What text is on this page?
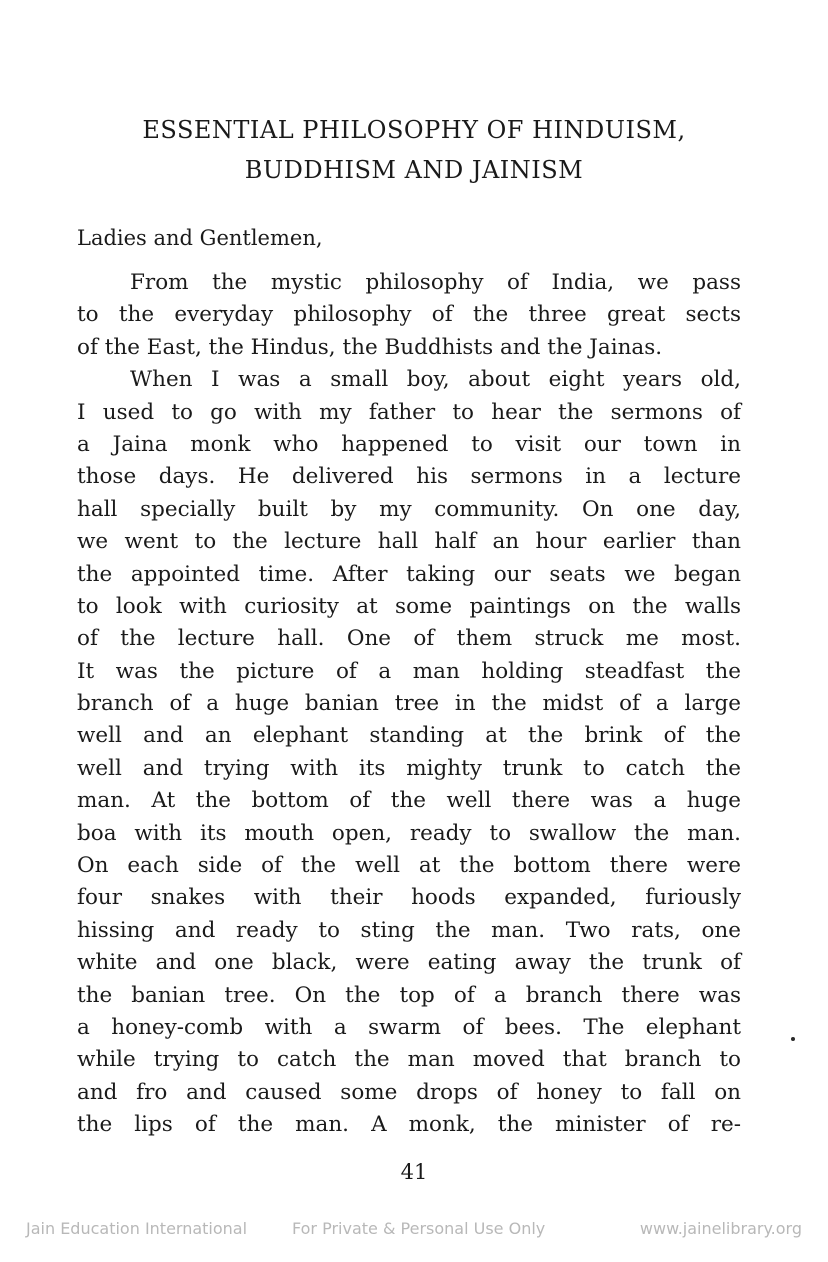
ESSENTIAL PHILOSOPHY OF HINDUISM,
BUDDHISM AND JAINISM

Ladies and Gentlemen,

From the mystic philosophy of India, we pass
to the everyday philosophy of the three great sects
of the East, the Hindus, the Buddhists and the Jainas.
When I was a small boy, about eight years old,
I used to go with my father to hear the sermons of
a Jaina monk who happened to visit our town in
those days. He delivered his sermons in a lecture
hall specially built by my community. On one day,
we went to the lecture hall half an hour earlier than
the appointed time. After taking our seats we began
to look with curiosity at some paintings on the walls
of the lecture hall. One of them struck me most.
It was the picture of a man holding steadfast the
branch of a huge banian tree in the midst of a large
well and an elephant standing at the brink of the
well and trying with its mighty trunk to catch the
man. At the bottom of the well there was a huge
boa with its mouth open, ready to swallow the man.
On each side of the well at the bottom there were
four snakes with their hoods expanded, furiously
hissing and ready to sting the man. Two rats, one
white and one black, were eating away the trunk of
the banian tree. On the top of a branch there was
a honey-comb with a swarm of bees. The elephant
while trying to catch the man moved that branch to
and fro and caused some drops of honey to fall on
the lips of the man. A monk, the minister of re-

41

Jain Education International	For Private & Personal Use Only	www.jainelibrary.org
